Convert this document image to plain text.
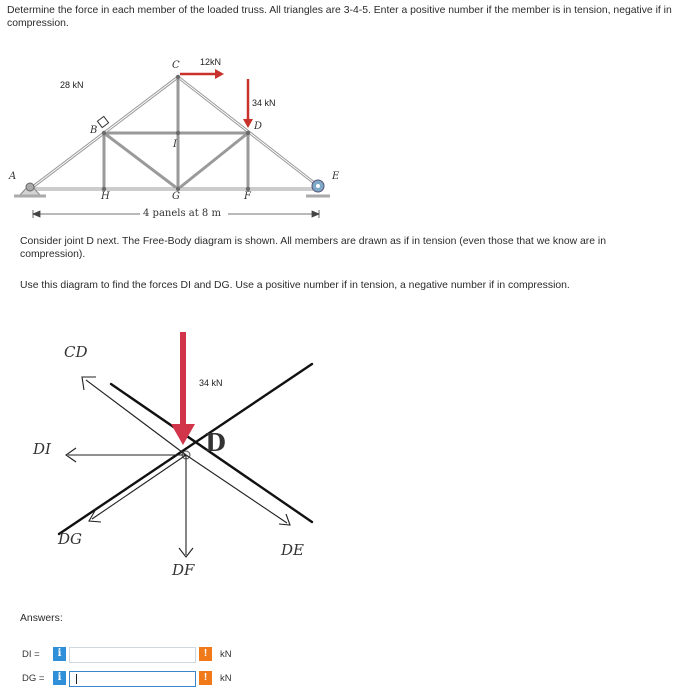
Determine the force in each member of the loaded truss. All triangles are 3-4-5. Enter a positive number if the member is in tension, negative if in compression.
12kN
28 kN
34 kN
C
B	D
A	E
I
H	G	F
4 panels at 8 m
Consider joint D next. The Free-Body diagram is shown. All members are drawn as if in tension (even those that we know are in compression).
Use this diagram to find the forces DI and DG. Use a positive number if in tension, a negative number if in compression.
CD
34 kN
D
DI
DG
DE
DF
Answers:
DI =	i	!	kN
DG =	i	!	kN
